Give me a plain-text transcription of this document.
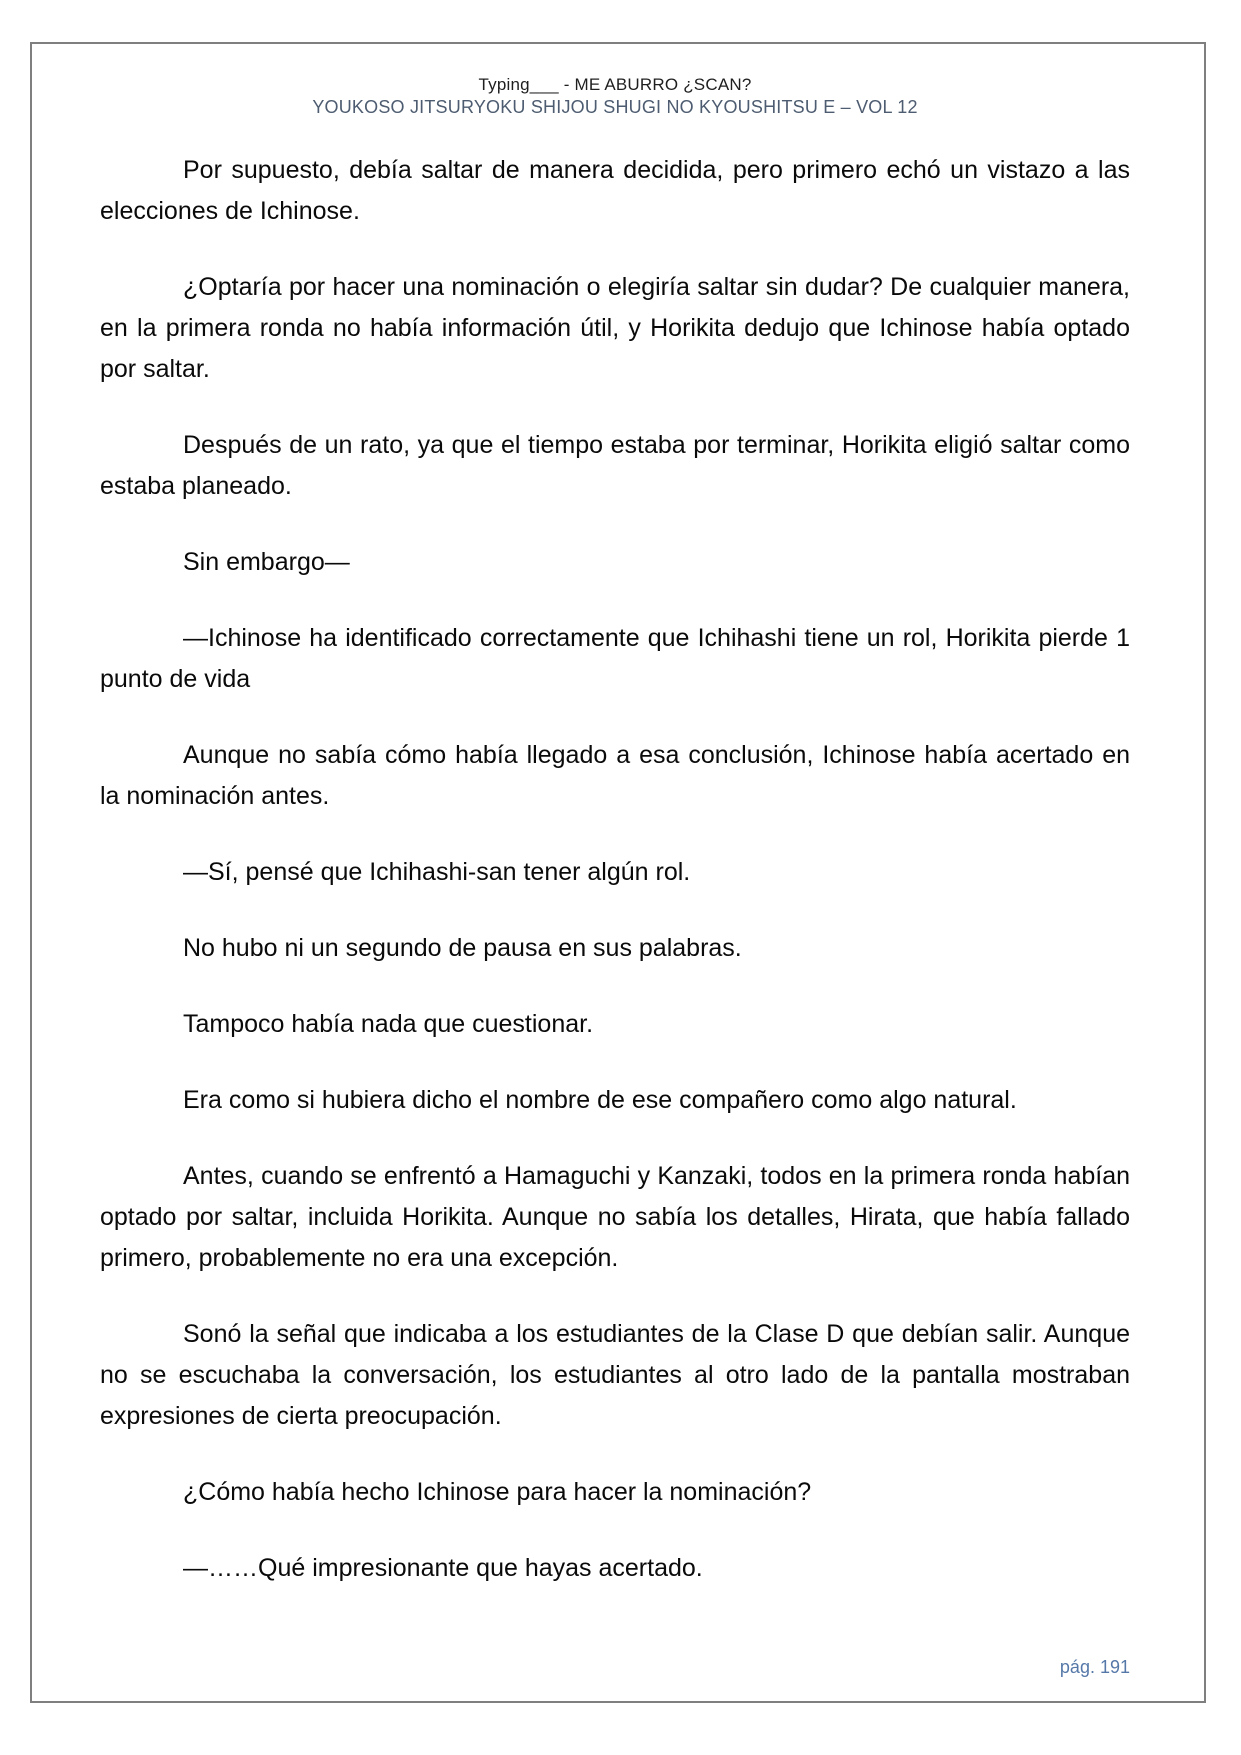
Typing___ - ME ABURRO ¿SCAN?
YOUKOSO JITSURYOKU SHIJOU SHUGI NO KYOUSHITSU E – VOL 12

Por supuesto, debía saltar de manera decidida, pero primero echó un vistazo a las elecciones de Ichinose.

¿Optaría por hacer una nominación o elegiría saltar sin dudar? De cualquier manera, en la primera ronda no había información útil, y Horikita dedujo que Ichinose había optado por saltar.

Después de un rato, ya que el tiempo estaba por terminar, Horikita eligió saltar como estaba planeado.

Sin embargo—

—Ichinose ha identificado correctamente que Ichihashi tiene un rol, Horikita pierde 1 punto de vida

Aunque no sabía cómo había llegado a esa conclusión, Ichinose había acertado en la nominación antes.

—Sí, pensé que Ichihashi-san tener algún rol.

No hubo ni un segundo de pausa en sus palabras.

Tampoco había nada que cuestionar.

Era como si hubiera dicho el nombre de ese compañero como algo natural.

Antes, cuando se enfrentó a Hamaguchi y Kanzaki, todos en la primera ronda habían optado por saltar, incluida Horikita. Aunque no sabía los detalles, Hirata, que había fallado primero, probablemente no era una excepción.

Sonó la señal que indicaba a los estudiantes de la Clase D que debían salir. Aunque no se escuchaba la conversación, los estudiantes al otro lado de la pantalla mostraban expresiones de cierta preocupación.

¿Cómo había hecho Ichinose para hacer la nominación?

—……Qué impresionante que hayas acertado.

pág. 191
